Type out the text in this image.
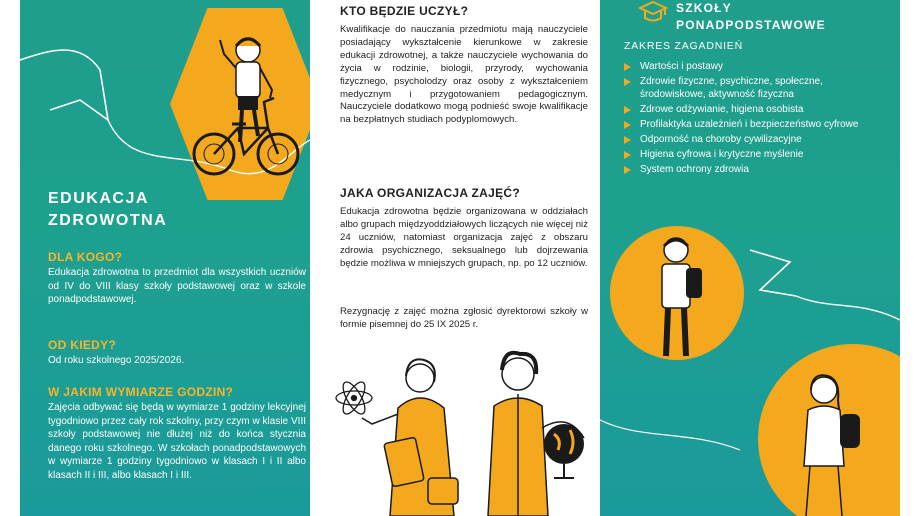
EDUKACJA
ZDROWOTNA
DLA KOGO?
Edukacja zdrowotna to przedmiot dla wszystkich uczniów od IV do VIII klasy szkoły podstawowej oraz w szkole ponadpodstawowej.
OD KIEDY?
Od roku szkolnego 2025/2026.
W JAKIM WYMIARZE GODZIN?
Zajęcia odbywać się będą w wymiarze 1 godziny lekcyjnej tygodniowo przez cały rok szkolny, przy czym w klasie VIII szkoły podstawowej nie dłużej niż do końca stycznia danego roku szkolnego. W szkołach ponadpodstawowych w wymiarze 1 godziny tygodniowo w klasach I i II albo klasach II i III, albo klasach I i III.
KTO BĘDZIE UCZYŁ?
Kwalifikacje do nauczania przedmiotu mają nauczyciele posiadający wykształcenie kierunkowe w zakresie edukacji zdrowotnej, a także nauczyciele wychowania do życia w rodzinie, biologii, przyrody, wychowania fizycznego, psycholodzy oraz osoby z wykształceniem medycznym i przygotowaniem pedagogicznym. Nauczyciele dodatkowo mogą podnieść swoje kwalifikacje na bezpłatnych studiach podyplomowych.
JAKA ORGANIZACJA ZAJĘĆ?
Edukacja zdrowotna będzie organizowana w oddziałach albo grupach międzyoddziałowych liczących nie więcej niż 24 uczniów, natomiast organizacja zajęć z obszaru zdrowia psychicznego, seksualnego lub dojrzewania będzie możliwa w mniejszych grupach, np. po 12 uczniów.
Rezygnację z zajęć można zgłosić dyrektorowi szkoły w formie pisemnej do 25 IX 2025 r.
SZKOŁY
PONADPODSTAWOWE
ZAKRES ZAGADNIEŃ
Wartości i postawy
Zdrowie fizyczne, psychiczne, społeczne, środowiskowe, aktywność fizyczna
Zdrowe odżywianie, higiena osobista
Profilaktyka uzależnień i bezpieczeństwo cyfrowe
Odporność na choroby cywilizacyjne
Higiena cyfrowa i krytyczne myślenie
System ochrony zdrowia
